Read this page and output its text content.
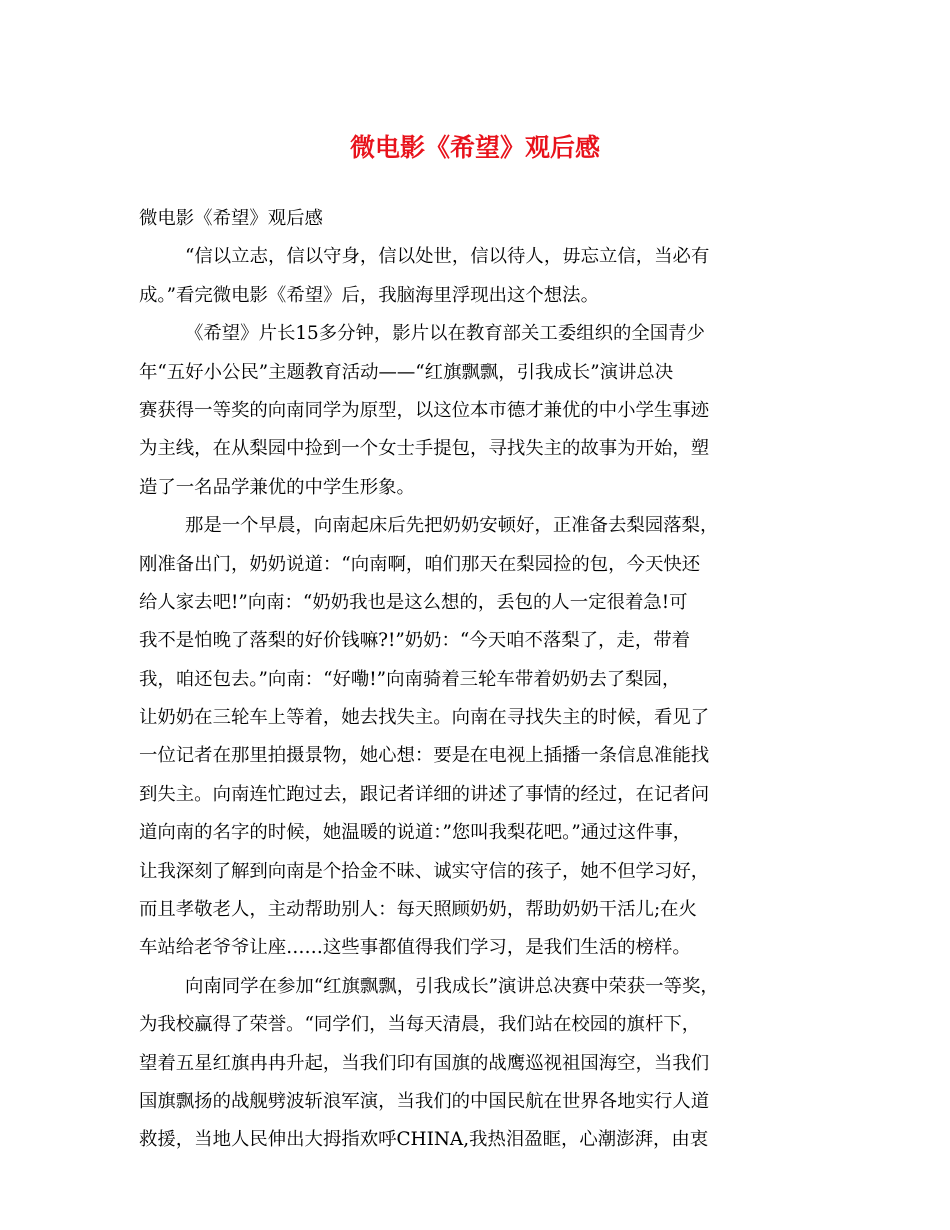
微电影《希望》观后感
微电影《希望》观后感
“信以立志，信以守身，信以处世，信以待人，毋忘立信，当必有
成。”看完微电影《希望》后，我脑海里浮现出这个想法。
《希望》片长15多分钟，影片以在教育部关工委组织的全国青少
年“五好小公民”主题教育活动——“红旗飘飘，引我成长”演讲总决
赛获得一等奖的向南同学为原型，以这位本市德才兼优的中小学生事迹
为主线，在从梨园中捡到一个女士手提包，寻找失主的故事为开始，塑
造了一名品学兼优的中学生形象。
那是一个早晨，向南起床后先把奶奶安顿好，正准备去梨园落梨，
刚准备出门，奶奶说道：“向南啊，咱们那天在梨园捡的包，今天快还
给人家去吧!”向南：“奶奶我也是这么想的，丢包的人一定很着急!可
我不是怕晚了落梨的好价钱嘛?!”奶奶：“今天咱不落梨了，走，带着
我，咱还包去。”向南：“好嘞!”向南骑着三轮车带着奶奶去了梨园，
让奶奶在三轮车上等着，她去找失主。向南在寻找失主的时候，看见了
一位记者在那里拍摄景物，她心想：要是在电视上插播一条信息准能找
到失主。向南连忙跑过去，跟记者详细的讲述了事情的经过，在记者问
道向南的名字的时候，她温暖的说道：”您叫我梨花吧。”通过这件事，
让我深刻了解到向南是个拾金不昧、诚实守信的孩子，她不但学习好，
而且孝敬老人，主动帮助别人：每天照顾奶奶，帮助奶奶干活儿;在火
车站给老爷爷让座……这些事都值得我们学习，是我们生活的榜样。
向南同学在参加“红旗飘飘，引我成长”演讲总决赛中荣获一等奖，
为我校赢得了荣誉。“同学们，当每天清晨，我们站在校园的旗杆下，
望着五星红旗冉冉升起，当我们印有国旗的战鹰巡视祖国海空，当我们
国旗飘扬的战舰劈波斩浪军演，当我们的中国民航在世界各地实行人道
救援，当地人民伸出大拇指欢呼CHINA,我热泪盈眶，心潮澎湃，由衷
